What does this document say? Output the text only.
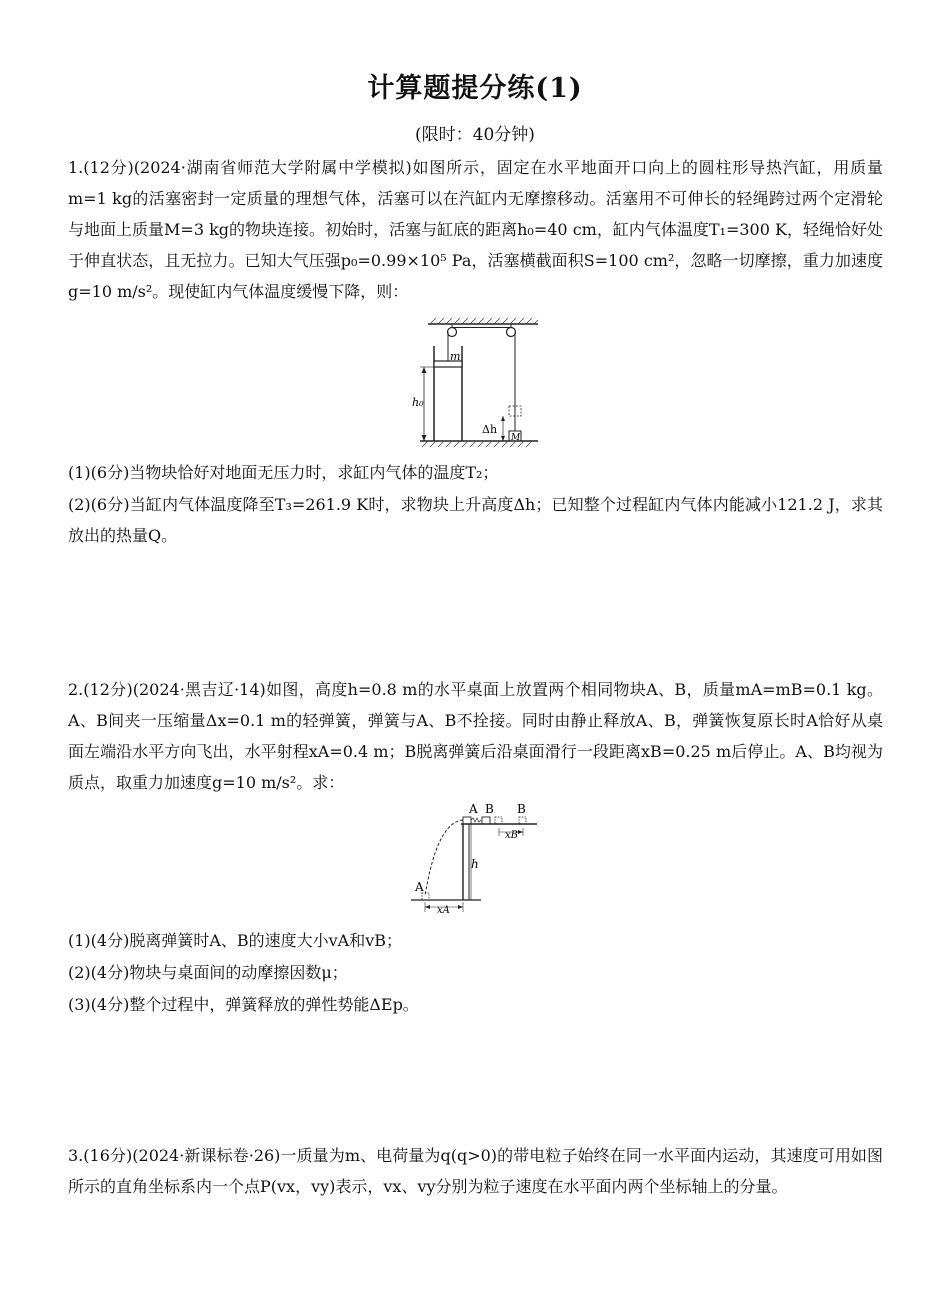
计算题提分练(1)
(限时：40分钟)
1.(12分)(2024·湖南省师范大学附属中学模拟)如图所示，固定在水平地面开口向上的圆柱形导热汽缸，用质量m=1 kg的活塞密封一定质量的理想气体，活塞可以在汽缸内无摩擦移动。活塞用不可伸长的轻绳跨过两个定滑轮与地面上质量M=3 kg的物块连接。初始时，活塞与缸底的距离h₀=40 cm，缸内气体温度T₁=300 K，轻绳恰好处于伸直状态，且无拉力。已知大气压强p₀=0.99×10⁵ Pa，活塞横截面积S=100 cm²，忽略一切摩擦，重力加速度g=10 m/s²。现使缸内气体温度缓慢下降，则：
m
h₀
Δh
M
(1)(6分)当物块恰好对地面无压力时，求缸内气体的温度T₂；
(2)(6分)当缸内气体温度降至T₃=261.9 K时，求物块上升高度Δh；已知整个过程缸内气体内能减小121.2 J，求其放出的热量Q。
2.(12分)(2024·黑吉辽·14)如图，高度h=0.8 m的水平桌面上放置两个相同物块A、B，质量mA=mB=0.1 kg。A、B间夹一压缩量Δx=0.1 m的轻弹簧，弹簧与A、B不拴接。同时由静止释放A、B，弹簧恢复原长时A恰好从桌面左端沿水平方向飞出，水平射程xA=0.4 m；B脱离弹簧后沿桌面滑行一段距离xB=0.25 m后停止。A、B均视为质点，取重力加速度g=10 m/s²。求：
A B B
xB
h
A
xA
(1)(4分)脱离弹簧时A、B的速度大小vA和vB；
(2)(4分)物块与桌面间的动摩擦因数μ；
(3)(4分)整个过程中，弹簧释放的弹性势能ΔEp。
3.(16分)(2024·新课标卷·26)一质量为m、电荷量为q(q>0)的带电粒子始终在同一水平面内运动，其速度可用如图所示的直角坐标系内一个点P(vx，vy)表示，vx、vy分别为粒子速度在水平面内两个坐标轴上的分量。
